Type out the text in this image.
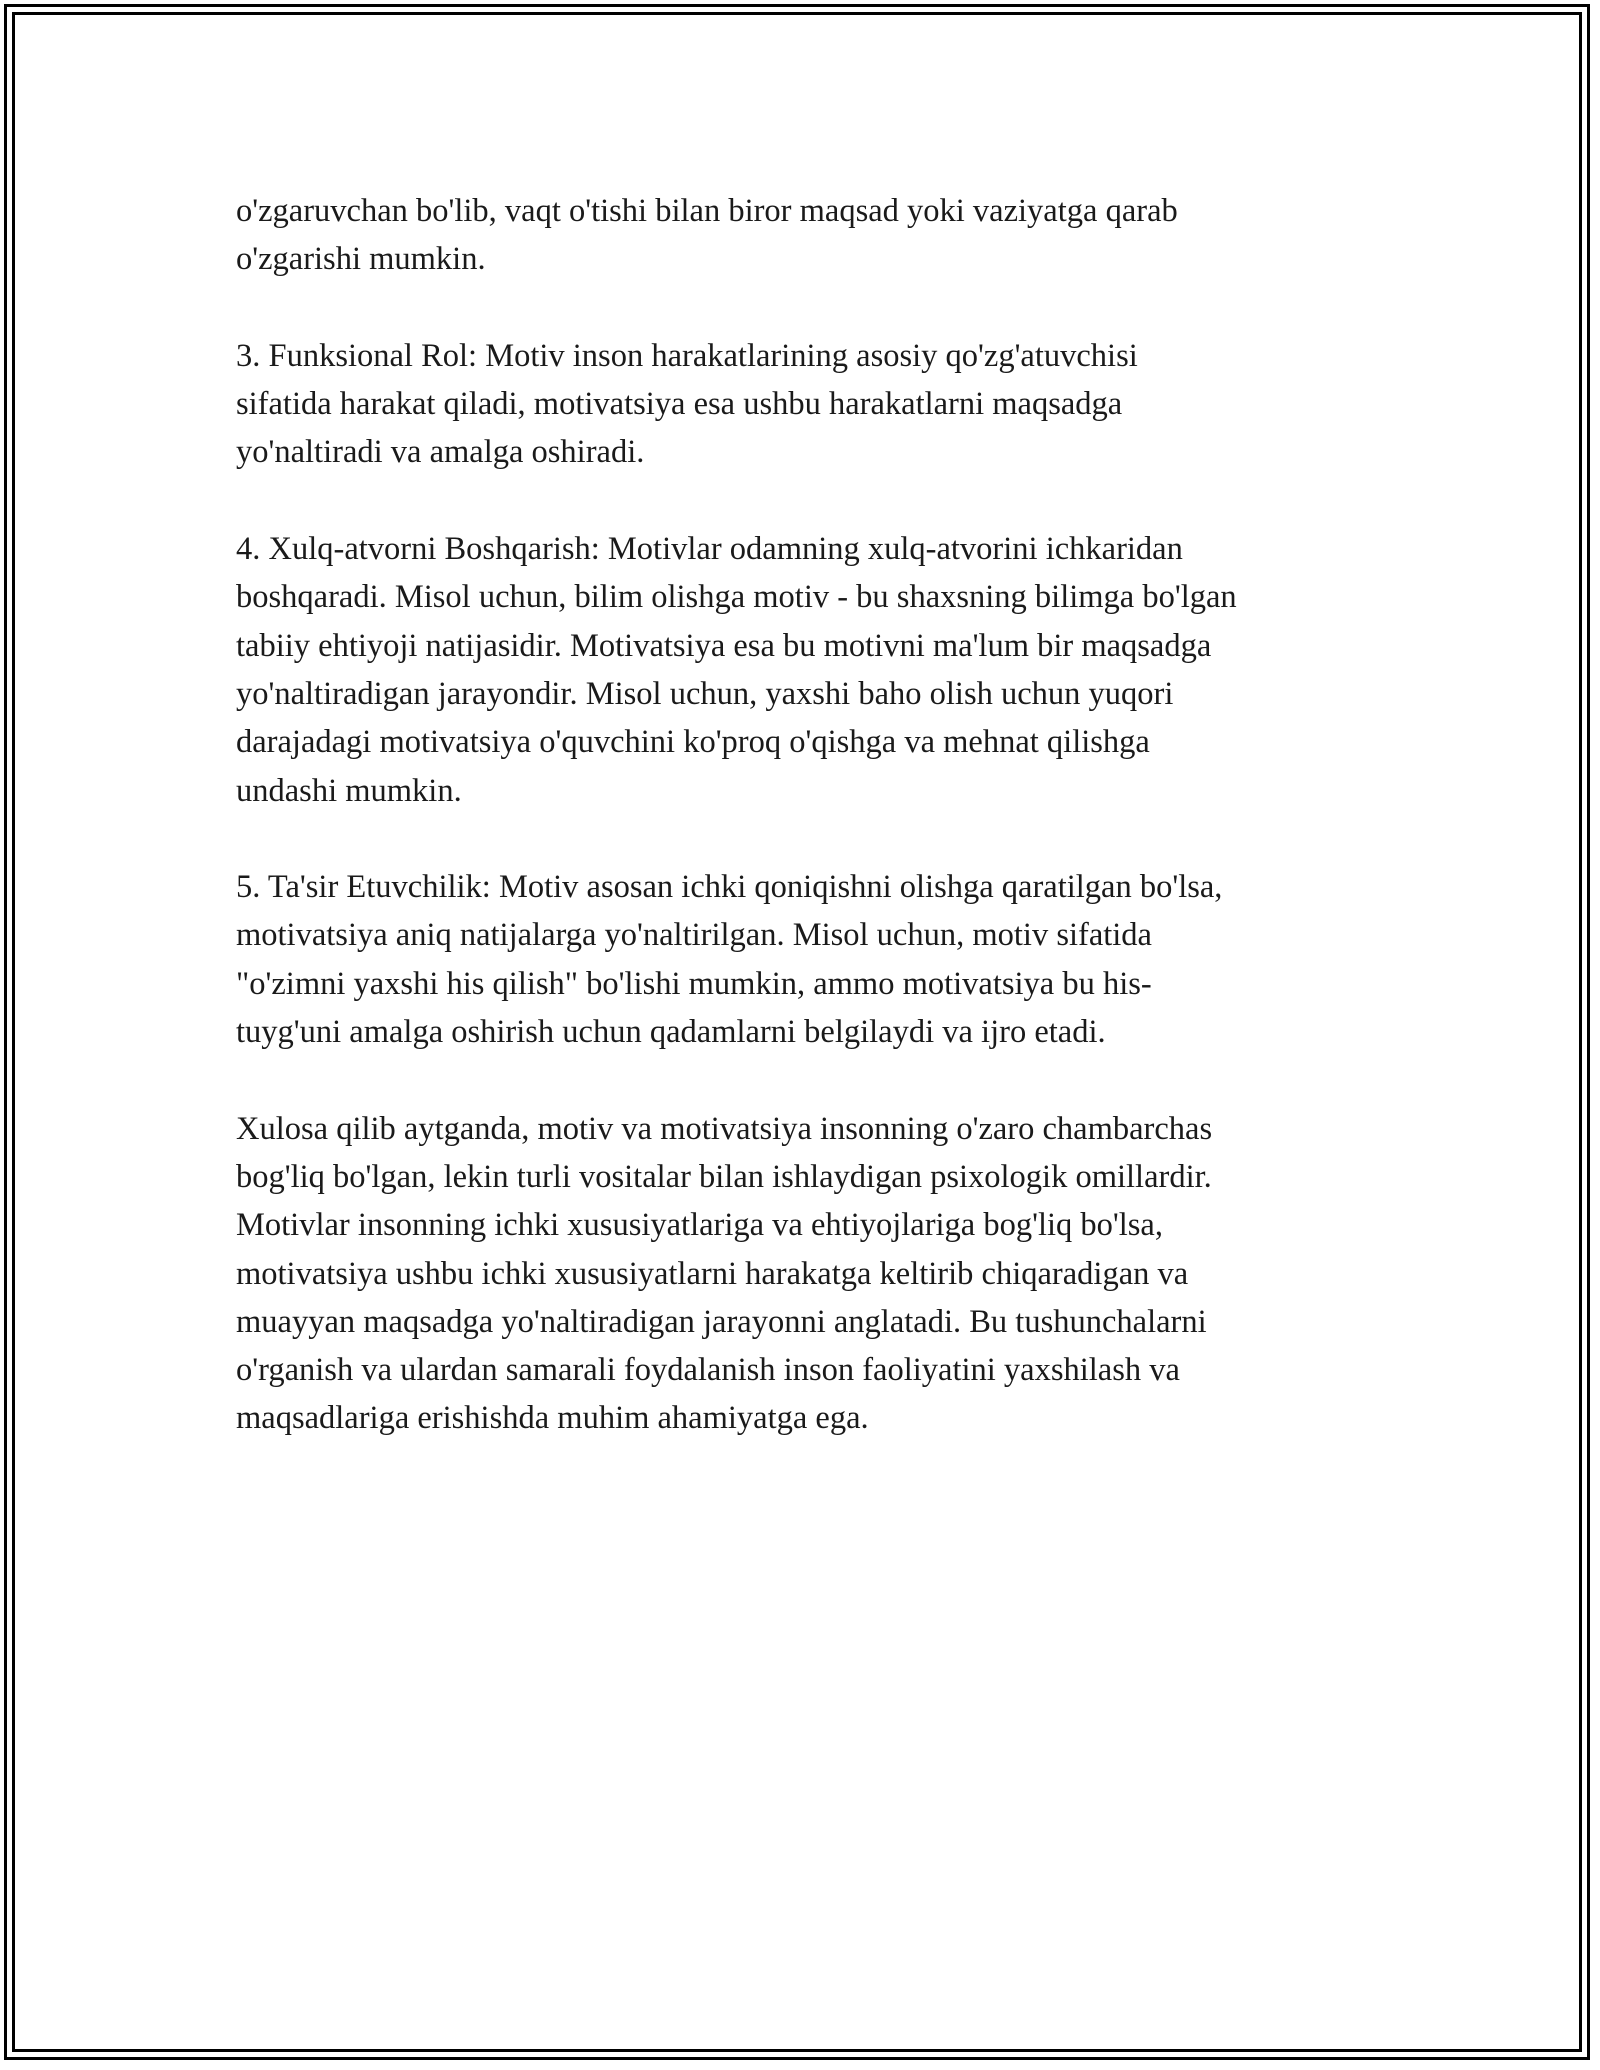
o'zgaruvchan bo'lib, vaqt o'tishi bilan biror maqsad yoki vaziyatga qarab
o'zgarishi mumkin.

3. Funksional Rol: Motiv inson harakatlarining asosiy qo'zg'atuvchisi
sifatida harakat qiladi, motivatsiya esa ushbu harakatlarni maqsadga
yo'naltiradi va amalga oshiradi.

4. Xulq-atvorni Boshqarish: Motivlar odamning xulq-atvorini ichkaridan
boshqaradi. Misol uchun, bilim olishga motiv - bu shaxsning bilimga bo'lgan
tabiiy ehtiyoji natijasidir. Motivatsiya esa bu motivni ma'lum bir maqsadga
yo'naltiradigan jarayondir. Misol uchun, yaxshi baho olish uchun yuqori
darajadagi motivatsiya o'quvchini ko'proq o'qishga va mehnat qilishga
undashi mumkin.

5. Ta'sir Etuvchilik: Motiv asosan ichki qoniqishni olishga qaratilgan bo'lsa,
motivatsiya aniq natijalarga yo'naltirilgan. Misol uchun, motiv sifatida
"o'zimni yaxshi his qilish" bo'lishi mumkin, ammo motivatsiya bu his-
tuyg'uni amalga oshirish uchun qadamlarni belgilaydi va ijro etadi.

Xulosa qilib aytganda, motiv va motivatsiya insonning o'zaro chambarchas
bog'liq bo'lgan, lekin turli vositalar bilan ishlaydigan psixologik omillardir.
Motivlar insonning ichki xususiyatlariga va ehtiyojlariga bog'liq bo'lsa,
motivatsiya ushbu ichki xususiyatlarni harakatga keltirib chiqaradigan va
muayyan maqsadga yo'naltiradigan jarayonni anglatadi. Bu tushunchalarni
o'rganish va ulardan samarali foydalanish inson faoliyatini yaxshilash va
maqsadlariga erishishda muhim ahamiyatga ega.
